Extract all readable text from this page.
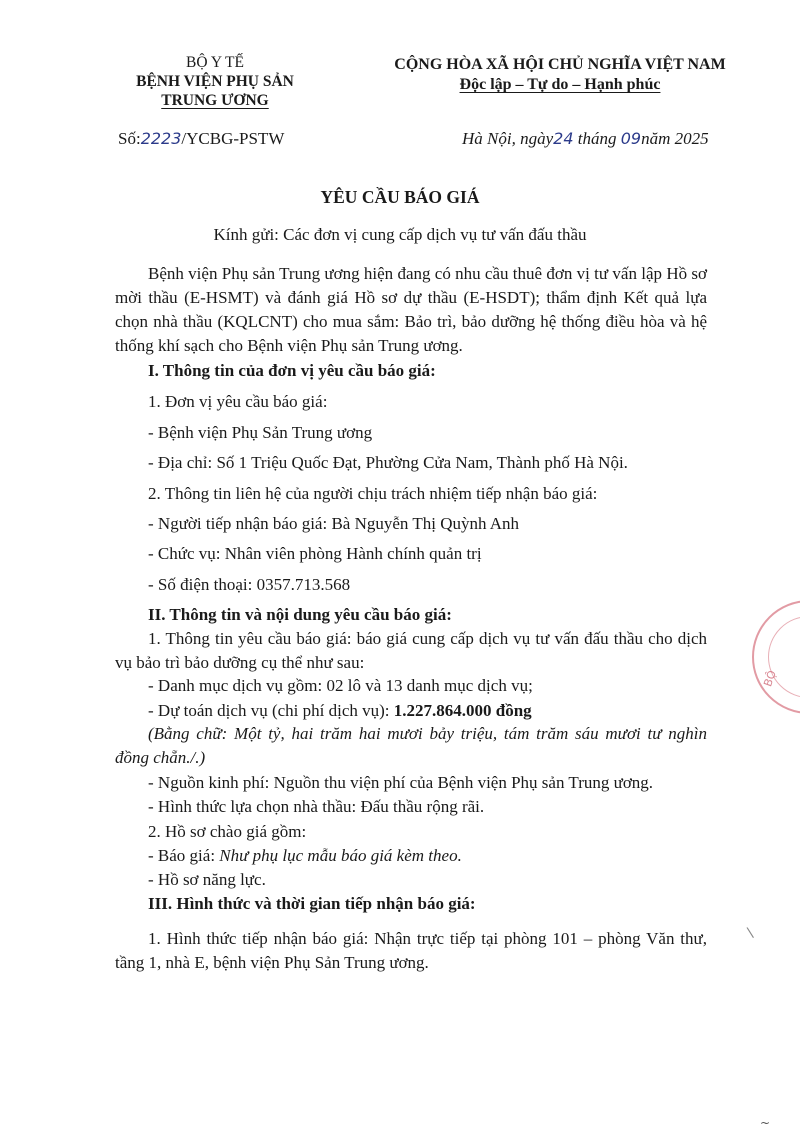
BỘ Y TẾ
BỆNH VIỆN PHỤ SẢN
TRUNG ƯƠNG
CỘNG HÒA XÃ HỘI CHỦ NGHĨA VIỆT NAM
Độc lập – Tự do – Hạnh phúc
Số:2223/YCBG-PSTW	Hà Nội, ngày24 tháng 09năm 2025
YÊU CẦU BÁO GIÁ
Kính gửi: Các đơn vị cung cấp dịch vụ tư vấn đấu thầu
Bệnh viện Phụ sản Trung ương hiện đang có nhu cầu thuê đơn vị tư vấn lập Hồ sơ mời thầu (E-HSMT) và đánh giá Hồ sơ dự thầu (E-HSDT); thẩm định Kết quả lựa chọn nhà thầu (KQLCNT) cho mua sắm: Bảo trì, bảo dưỡng hệ thống điều hòa và hệ thống khí sạch cho Bệnh viện Phụ sản Trung ương.
I. Thông tin của đơn vị yêu cầu báo giá:
1. Đơn vị yêu cầu báo giá:
- Bệnh viện Phụ Sản Trung ương
- Địa chỉ: Số 1 Triệu Quốc Đạt, Phường Cửa Nam, Thành phố Hà Nội.
2. Thông tin liên hệ của người chịu trách nhiệm tiếp nhận báo giá:
- Người tiếp nhận báo giá: Bà Nguyễn Thị Quỳnh Anh
- Chức vụ: Nhân viên phòng Hành chính quản trị
- Số điện thoại: 0357.713.568
II. Thông tin và nội dung yêu cầu báo giá:
1. Thông tin yêu cầu báo giá: báo giá cung cấp dịch vụ tư vấn đấu thầu cho dịch vụ bảo trì bảo dưỡng cụ thể như sau:
- Danh mục dịch vụ gồm: 02 lô và 13 danh mục dịch vụ;
- Dự toán dịch vụ (chi phí dịch vụ): 1.227.864.000 đồng
(Bằng chữ: Một tỷ, hai trăm hai mươi bảy triệu, tám trăm sáu mươi tư nghìn đồng chẵn./.)
- Nguồn kinh phí: Nguồn thu viện phí của Bệnh viện Phụ sản Trung ương.
- Hình thức lựa chọn nhà thầu: Đấu thầu rộng rãi.
2. Hồ sơ chào giá gồm:
- Báo giá: Như phụ lục mẫu báo giá kèm theo.
- Hồ sơ năng lực.
III. Hình thức và thời gian tiếp nhận báo giá:
1. Hình thức tiếp nhận báo giá: Nhận trực tiếp tại phòng 101 – phòng Văn thư, tầng 1, nhà E, bệnh viện Phụ Sản Trung ương.
BỘ
\
~
